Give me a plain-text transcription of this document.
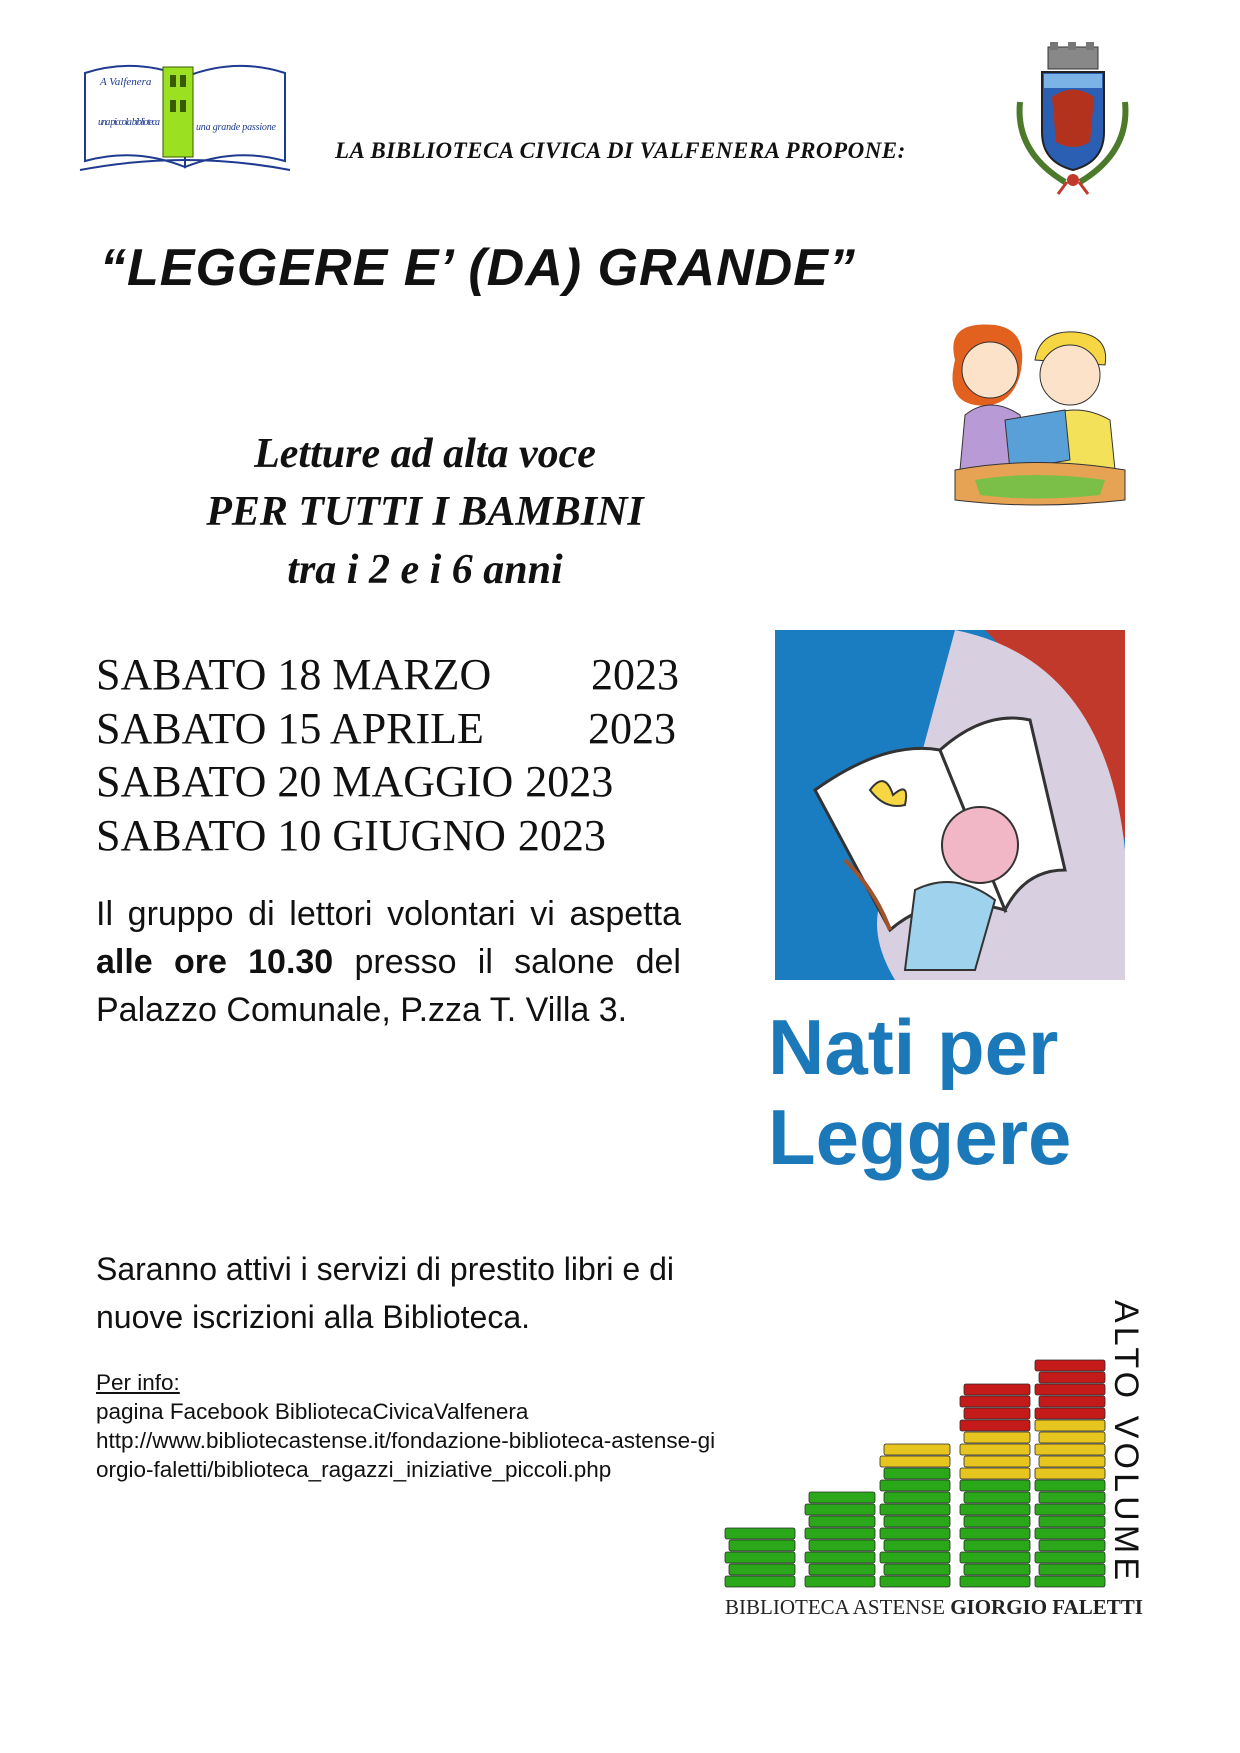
A Valfenera
una piccola biblioteca	una grande passione
LA BIBLIOTECA CIVICA DI VALFENERA PROPONE:
“LEGGERE E’ (DA) GRANDE”
Letture ad alta voce
PER TUTTI I BAMBINI
tra i 2 e i 6 anni
SABATO 18 MARZO	2023
SABATO 15 APRILE	2023
SABATO 20 MAGGIO 2023
SABATO 10 GIUGNO 2023
Il gruppo di lettori volontari vi aspetta alle ore 10.30 presso il salone del Palazzo Comunale, P.zza T. Villa 3.	Nati per
Leggere
Saranno attivi i servizi di prestito libri e di nuove iscrizioni alla Biblioteca.
Per info:
pagina Facebook BibliotecaCivicaValfenera
http://www.bibliotecastense.it/fondazione-biblioteca-astense-giorgio-faletti/biblioteca_ragazzi_iniziative_piccoli.php
ALTO VOLUME
BIBLIOTECA ASTENSE GIORGIO FALETTI
